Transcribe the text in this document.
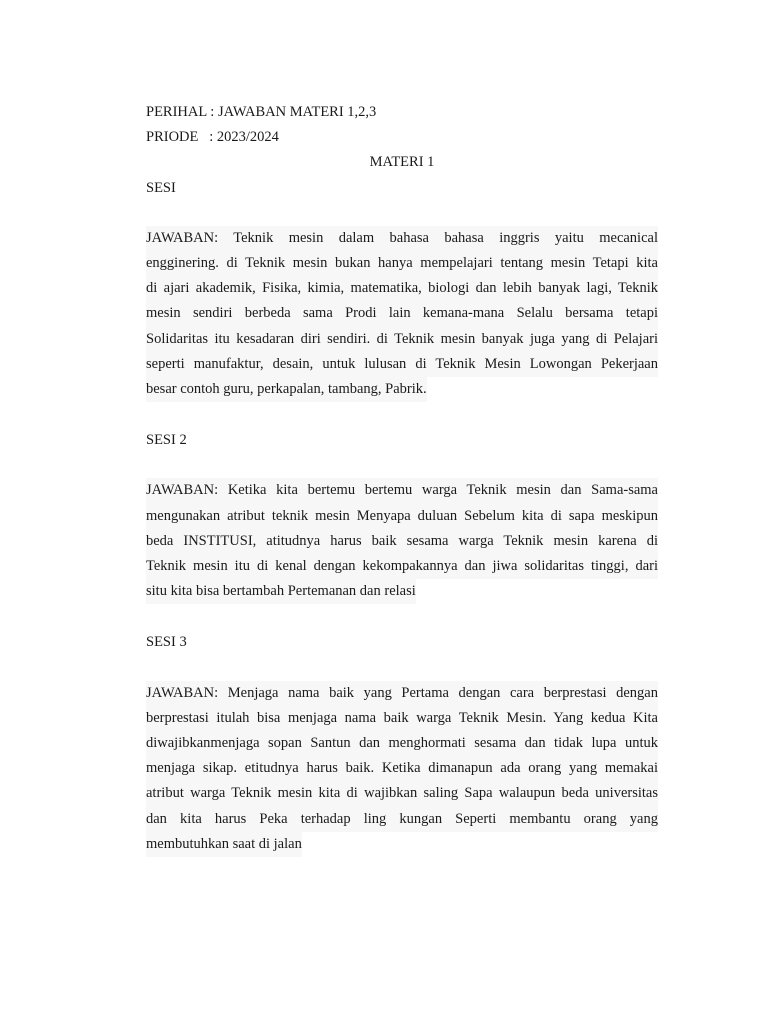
PERIHAL : JAWABAN MATERI 1,2,3
PRIODE   : 2023/2024
MATERI 1
SESI
JAWABAN: Teknik mesin dalam bahasa bahasa inggris yaitu mecanical
engginering. di Teknik mesin bukan hanya mempelajari tentang mesin Tetapi kita
di ajari akademik, Fisika, kimia, matematika, biologi dan lebih banyak lagi, Teknik
mesin sendiri berbeda sama Prodi lain kemana-mana Selalu bersama tetapi
Solidaritas itu kesadaran diri sendiri. di Teknik mesin banyak juga yang di Pelajari
seperti manufaktur, desain, untuk lulusan di Teknik Mesin Lowongan Pekerjaan
besar contoh guru, perkapalan, tambang, Pabrik.
SESI 2
JAWABAN: Ketika kita bertemu bertemu warga Teknik mesin dan Sama-sama
mengunakan atribut teknik mesin Menyapa duluan Sebelum kita di sapa meskipun
beda INSTITUSI, atitudnya harus baik sesama warga Teknik mesin karena di
Teknik mesin itu di kenal dengan kekompakannya dan jiwa solidaritas tinggi, dari
situ kita bisa bertambah Pertemanan dan relasi
SESI 3
JAWABAN: Menjaga nama baik yang Pertama dengan cara berprestasi dengan
berprestasi itulah bisa menjaga nama baik warga Teknik Mesin. Yang kedua Kita
diwajibkanmenjaga sopan Santun dan menghormati sesama dan tidak lupa untuk
menjaga sikap. etitudnya harus baik. Ketika dimanapun ada orang yang memakai
atribut warga Teknik mesin kita di wajibkan saling Sapa walaupun beda universitas
dan kita harus Peka terhadap ling kungan Seperti membantu orang yang
membutuhkan saat di jalan
